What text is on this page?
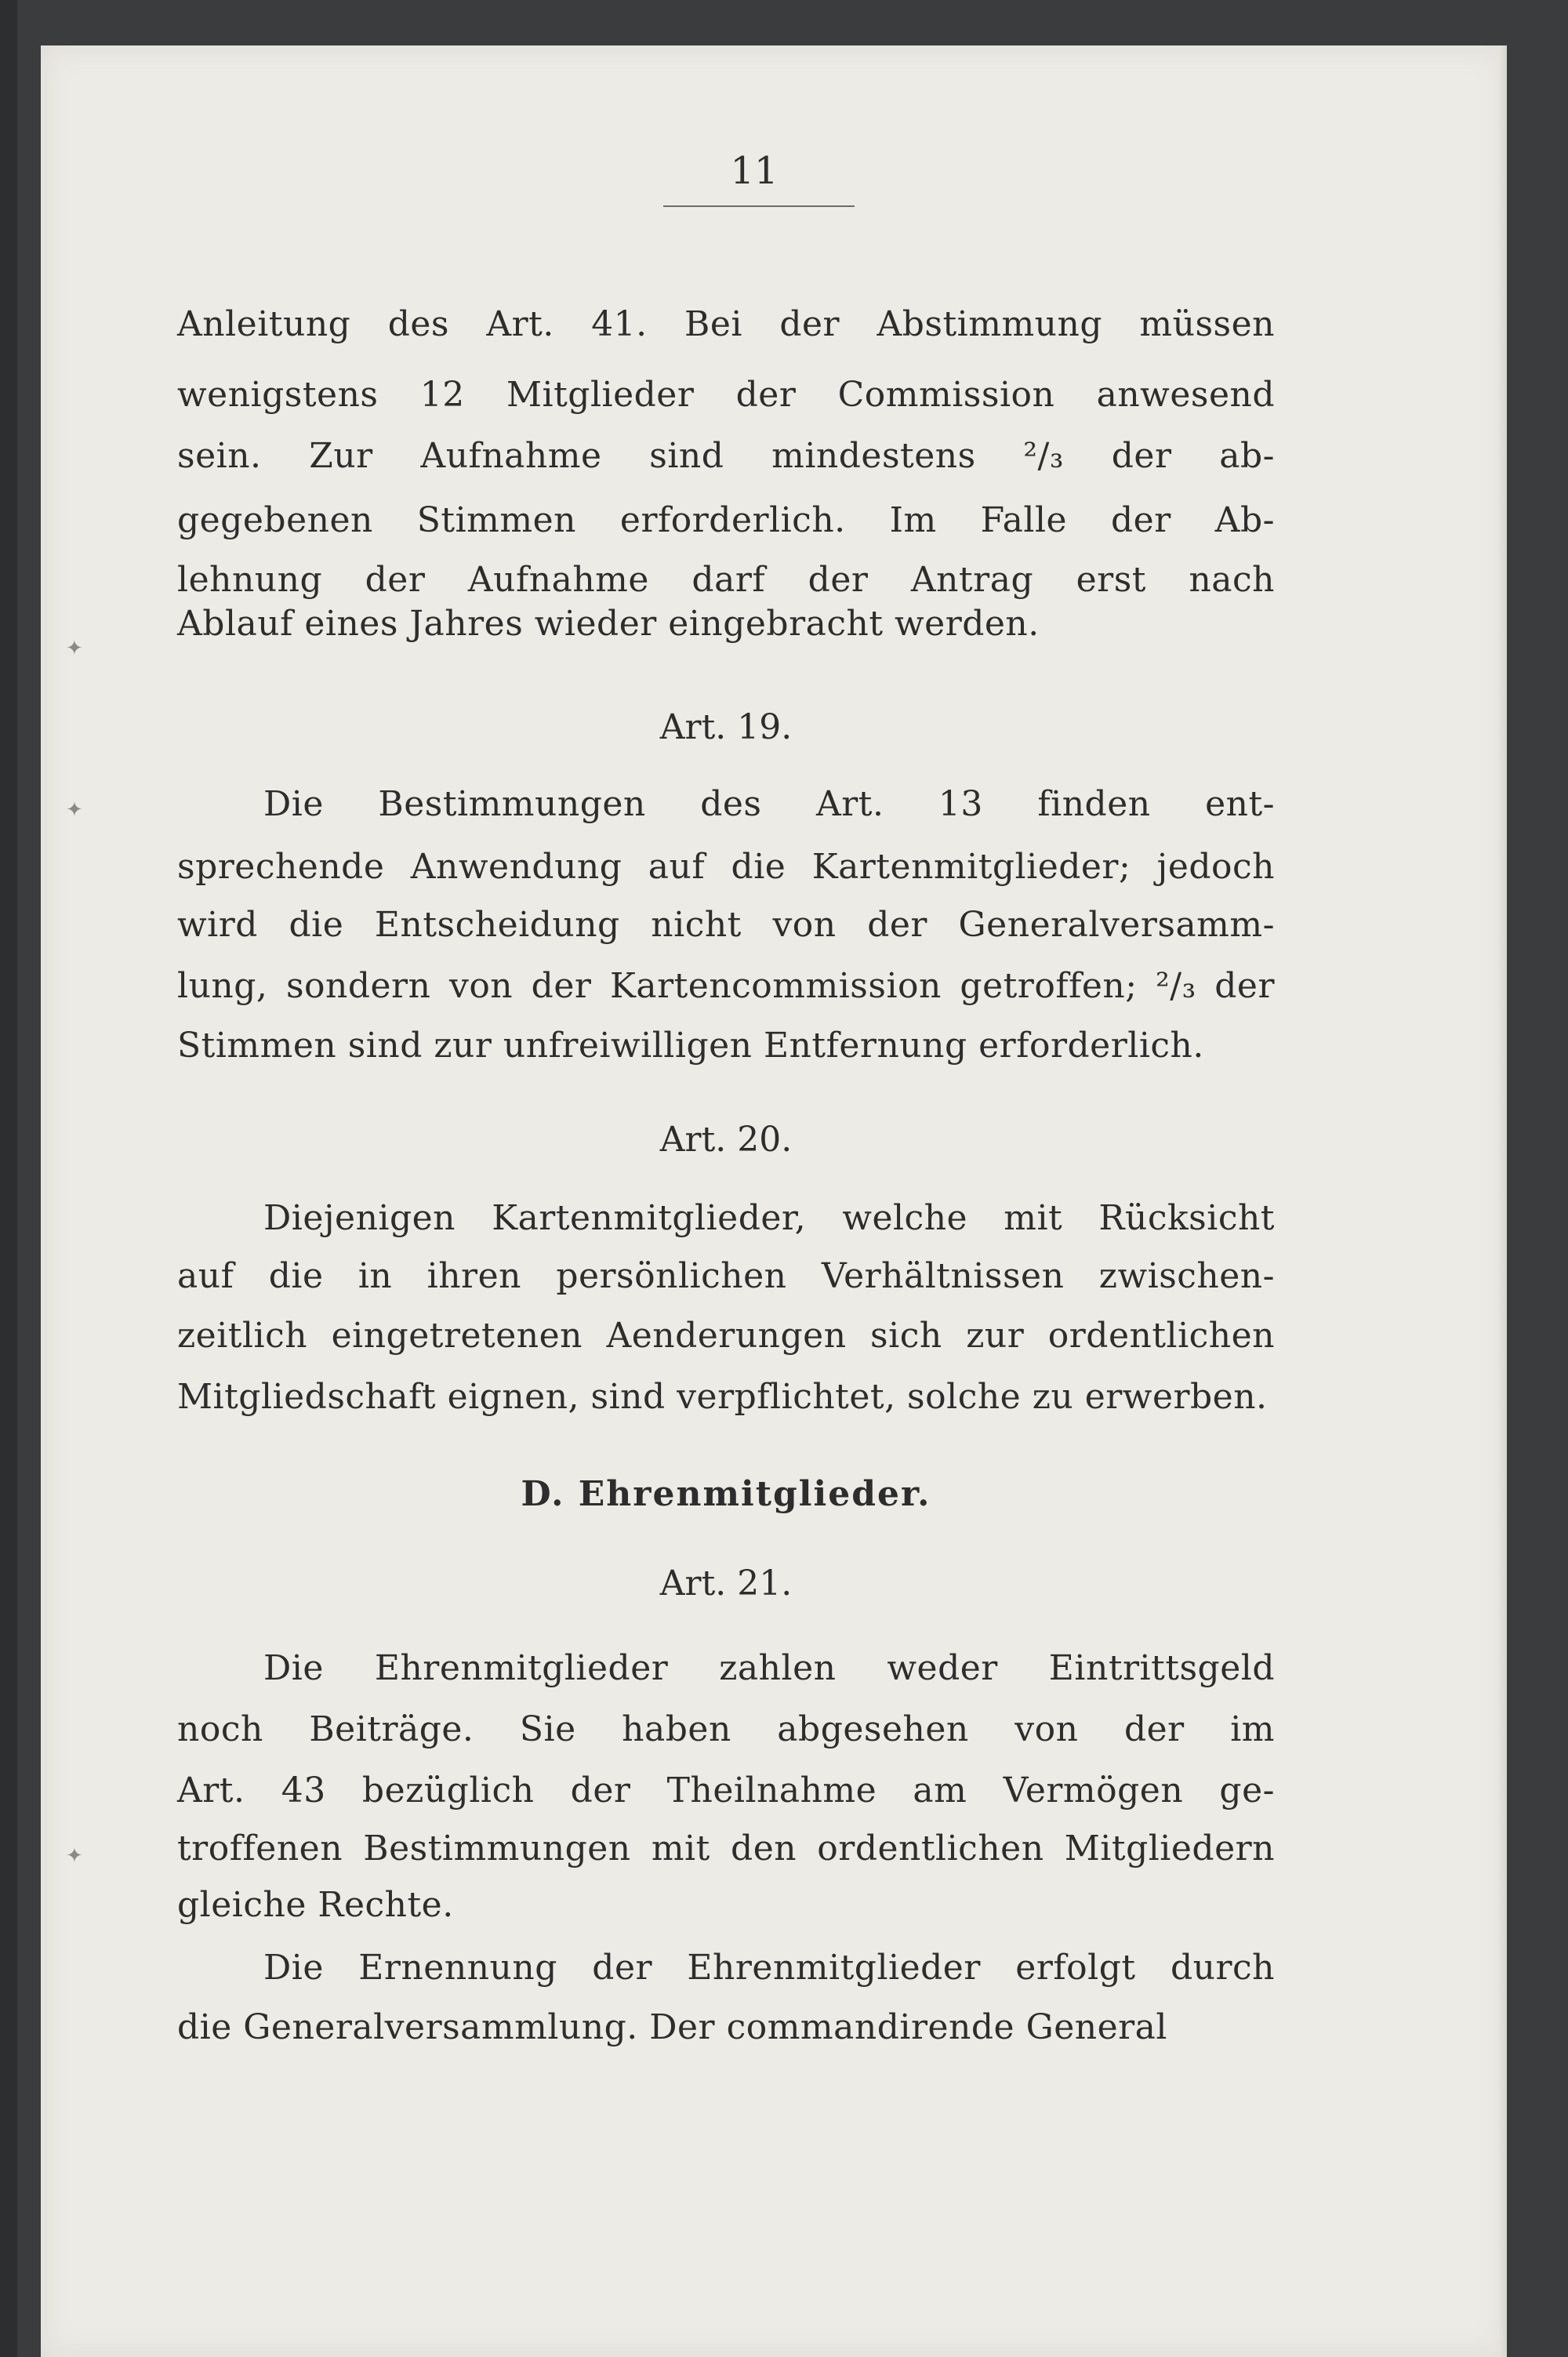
11
Anleitung des Art. 41. Bei der Abstimmung müssen
wenigstens 12 Mitglieder der Commission anwesend
sein. Zur Aufnahme sind mindestens ²/₃ der ab-
gegebenen Stimmen erforderlich. Im Falle der Ab-
lehnung der Aufnahme darf der Antrag erst nach
Ablauf eines Jahres wieder eingebracht werden.
Art. 19.
Die Bestimmungen des Art. 13 finden ent-
sprechende Anwendung auf die Kartenmitglieder; jedoch
wird die Entscheidung nicht von der Generalversamm-
lung, sondern von der Kartencommission getroffen; ²/₃ der
Stimmen sind zur unfreiwilligen Entfernung erforderlich.
Art. 20.
Diejenigen Kartenmitglieder, welche mit Rücksicht
auf die in ihren persönlichen Verhältnissen zwischen-
zeitlich eingetretenen Aenderungen sich zur ordentlichen
Mitgliedschaft eignen, sind verpflichtet, solche zu erwerben.
D. Ehrenmitglieder.
Art. 21.
Die Ehrenmitglieder zahlen weder Eintrittsgeld
noch Beiträge. Sie haben abgesehen von der im
Art. 43 bezüglich der Theilnahme am Vermögen ge-
troffenen Bestimmungen mit den ordentlichen Mitgliedern
gleiche Rechte.
Die Ernennung der Ehrenmitglieder erfolgt durch
die Generalversammlung. Der commandirende General
✦
✦
✦
